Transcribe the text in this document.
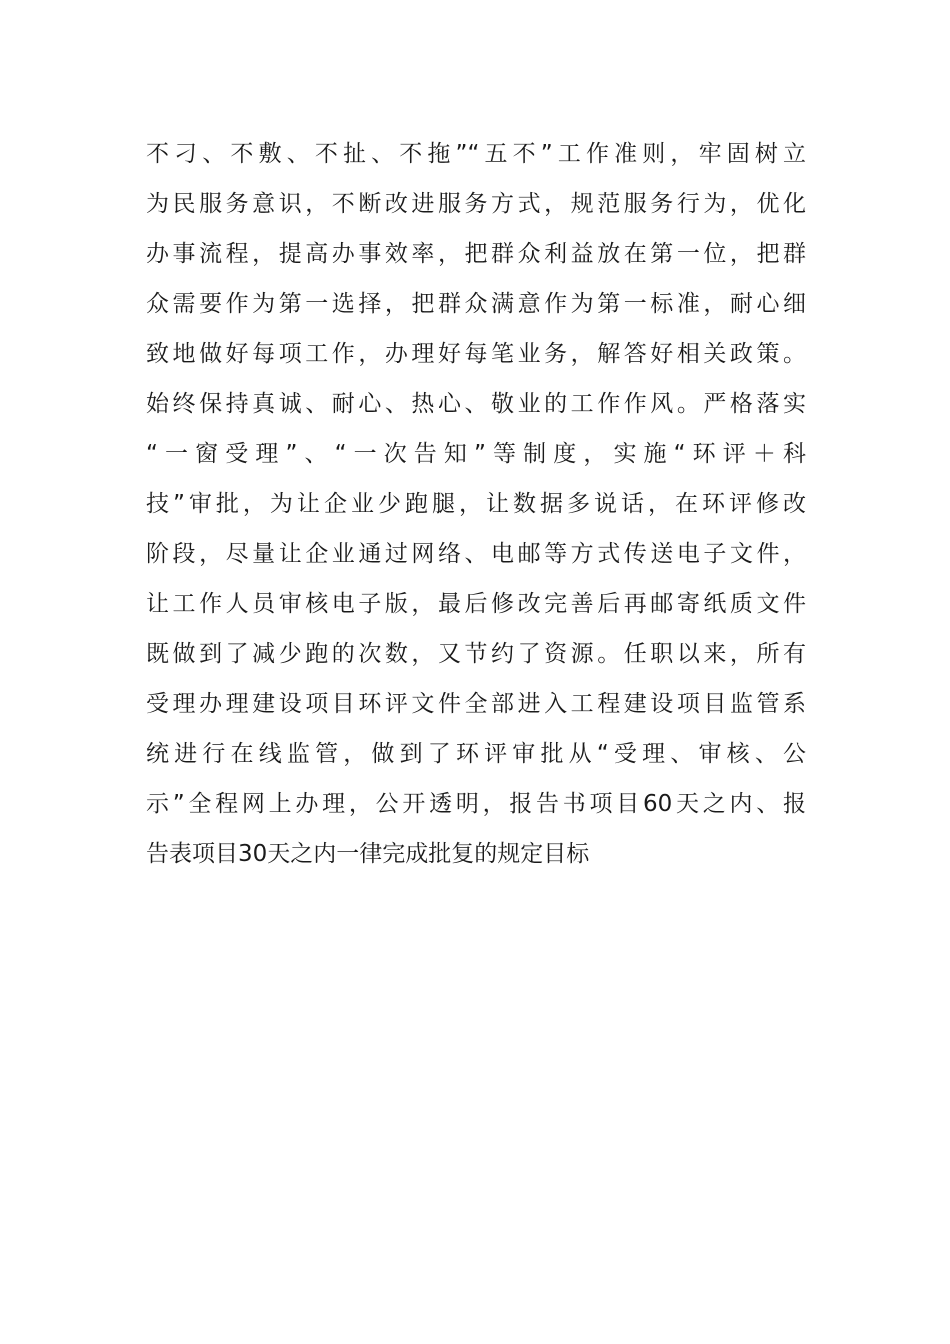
不刁、不敷、不扯、不拖”“五不”工作准则，牢固树立
为民服务意识，不断改进服务方式，规范服务行为，优化
办事流程，提高办事效率，把群众利益放在第一位，把群
众需要作为第一选择，把群众满意作为第一标准，耐心细
致地做好每项工作，办理好每笔业务，解答好相关政策。
始终保持真诚、耐心、热心、敬业的工作作风。严格落实
“一窗受理”、“一次告知”等制度，实施“环评＋科
技”审批，为让企业少跑腿，让数据多说话，在环评修改
阶段，尽量让企业通过网络、电邮等方式传送电子文件，
让工作人员审核电子版，最后修改完善后再邮寄纸质文件
既做到了减少跑的次数，又节约了资源。任职以来，所有
受理办理建设项目环评文件全部进入工程建设项目监管系
统进行在线监管，做到了环评审批从“受理、审核、公
示”全程网上办理，公开透明，报告书项目60天之内、报
告表项目30天之内一律完成批复的规定目标
